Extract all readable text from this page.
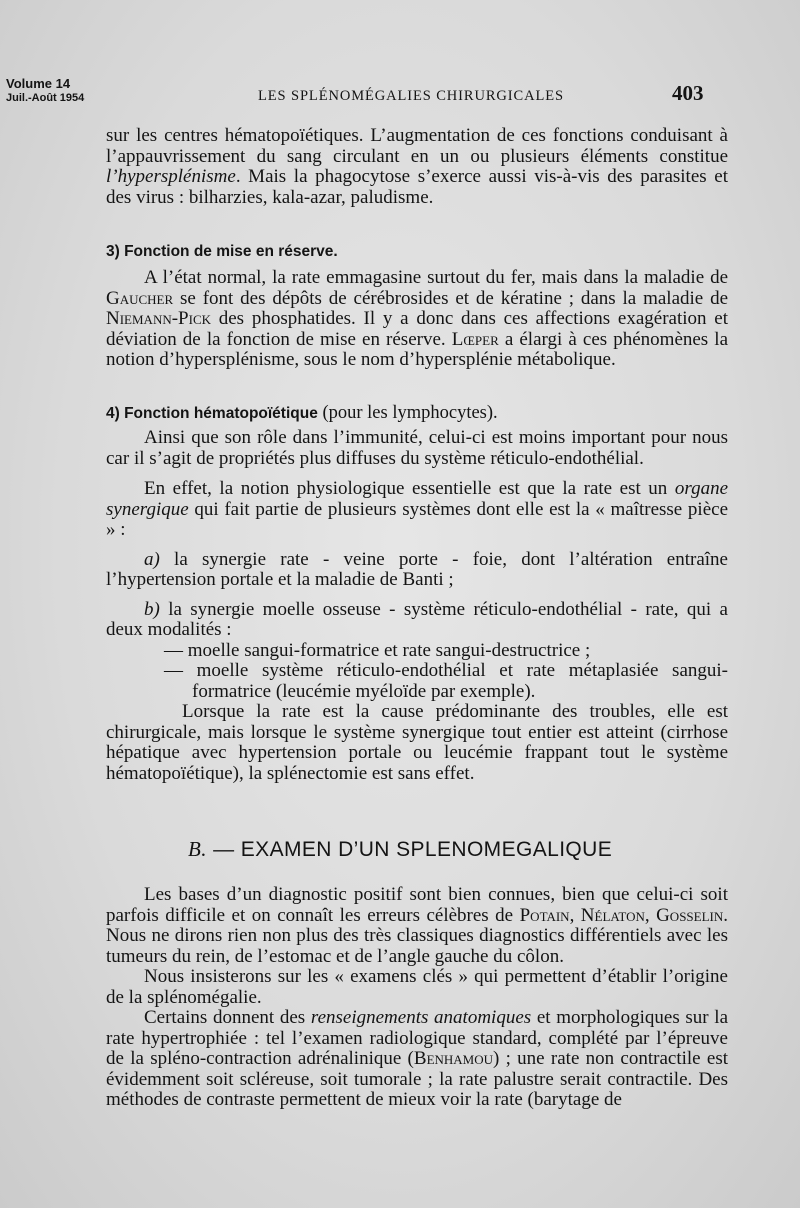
Volume 14
Juil.-Août 1954	LES SPLÉNOMÉGALIES CHIRURGICALES	403

sur les centres hématopoïétiques. L’augmentation de ces fonctions conduisant à l’appauvrissement du sang circulant en un ou plusieurs éléments constitue l’hypersplénisme. Mais la phagocytose s’exerce aussi vis-à-vis des parasites et des virus : bilharzies, kala-azar, paludisme.

3) Fonction de mise en réserve.

A l’état normal, la rate emmagasine surtout du fer, mais dans la maladie de Gaucher se font des dépôts de cérébrosides et de kératine ; dans la maladie de Niemann-Pick des phosphatides. Il y a donc dans ces affections exagération et déviation de la fonction de mise en réserve. Lœper a élargi à ces phénomènes la notion d’hypersplénisme, sous le nom d’hypersplénie métabolique.

4) Fonction hématopoïétique (pour les lymphocytes).

Ainsi que son rôle dans l’immunité, celui-ci est moins important pour nous car il s’agit de propriétés plus diffuses du système réticulo-endothélial.

En effet, la notion physiologique essentielle est que la rate est un organe synergique qui fait partie de plusieurs systèmes dont elle est la « maîtresse pièce » :

a) la synergie rate - veine porte - foie, dont l’altération entraîne l’hypertension portale et la maladie de Banti ;

b) la synergie moelle osseuse - système réticulo-endothélial - rate, qui a deux modalités :

— moelle sangui-formatrice et rate sangui-destructrice ;

— moelle système réticulo-endothélial et rate métaplasiée sangui-formatrice (leucémie myéloïde par exemple).

Lorsque la rate est la cause prédominante des troubles, elle est chirurgicale, mais lorsque le système synergique tout entier est atteint (cirrhose hépatique avec hypertension portale ou leucémie frappant tout le système hématopoïétique), la splénectomie est sans effet.

B. — EXAMEN D’UN SPLENOMEGALIQUE

Les bases d’un diagnostic positif sont bien connues, bien que celui-ci soit parfois difficile et on connaît les erreurs célèbres de Potain, Nélaton, Gosselin. Nous ne dirons rien non plus des très classiques diagnostics différentiels avec les tumeurs du rein, de l’estomac et de l’angle gauche du côlon.

Nous insisterons sur les « examens clés » qui permettent d’établir l’origine de la splénomégalie.

Certains donnent des renseignements anatomiques et morphologiques sur la rate hypertrophiée : tel l’examen radiologique standard, complété par l’épreuve de la spléno-contraction adrénalinique (Benhamou) ; une rate non contractile est évidemment soit scléreuse, soit tumorale ; la rate palustre serait contractile. Des méthodes de contraste permettent de mieux voir la rate (barytage de
